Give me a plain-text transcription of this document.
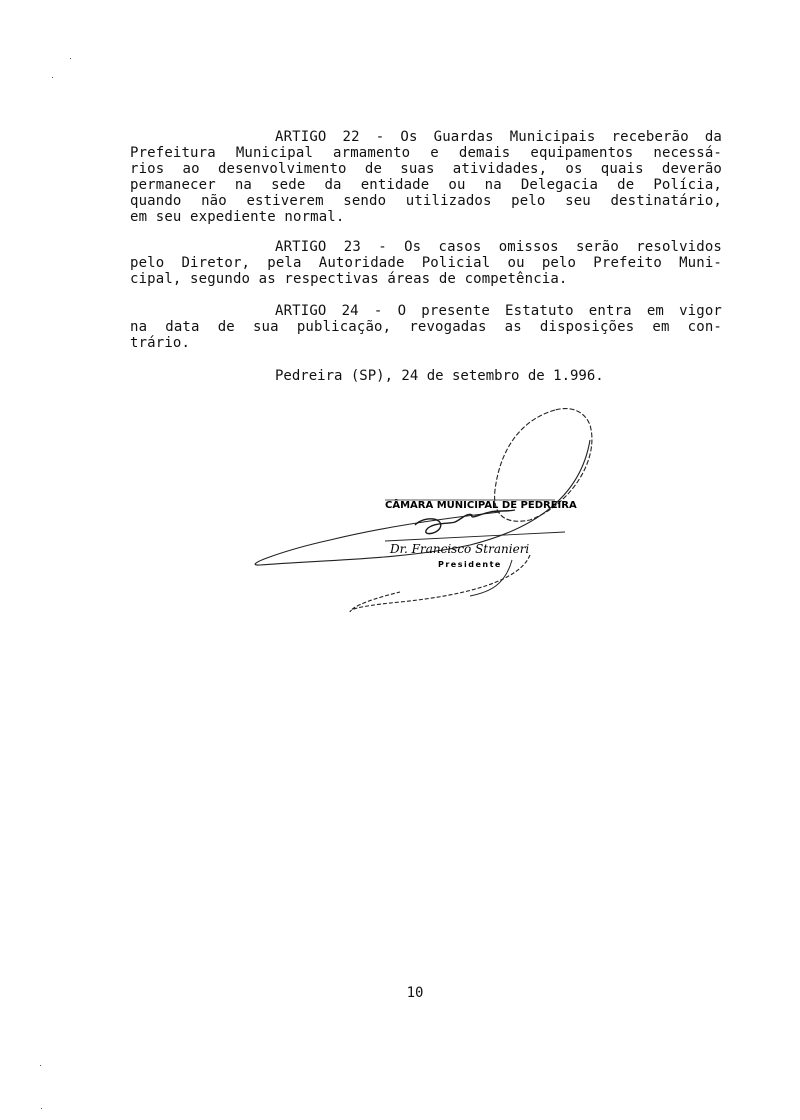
ARTIGO 22 - Os Guardas Municipais receberão da

Prefeitura Municipal armamento e demais equipamentos necessá-

rios ao desenvolvimento de suas atividades, os quais deverão

permanecer na sede da entidade ou na Delegacia de Polícia,

quando não estiverem sendo utilizados pelo seu destinatário,

em seu expediente normal.

ARTIGO 23 - Os casos omissos serão resolvidos

pelo Diretor, pela Autoridade Policial ou pelo Prefeito Muni-

cipal, segundo as respectivas áreas de competência.

ARTIGO 24 - O presente Estatuto entra em vigor

na data de sua publicação, revogadas as disposições em con-

trário.

Pedreira (SP), 24 de setembro de 1.996.
CÂMARA MUNICIPAL DE PEDREIRA
Dr. Francisco Stranieri
Presidente
10
